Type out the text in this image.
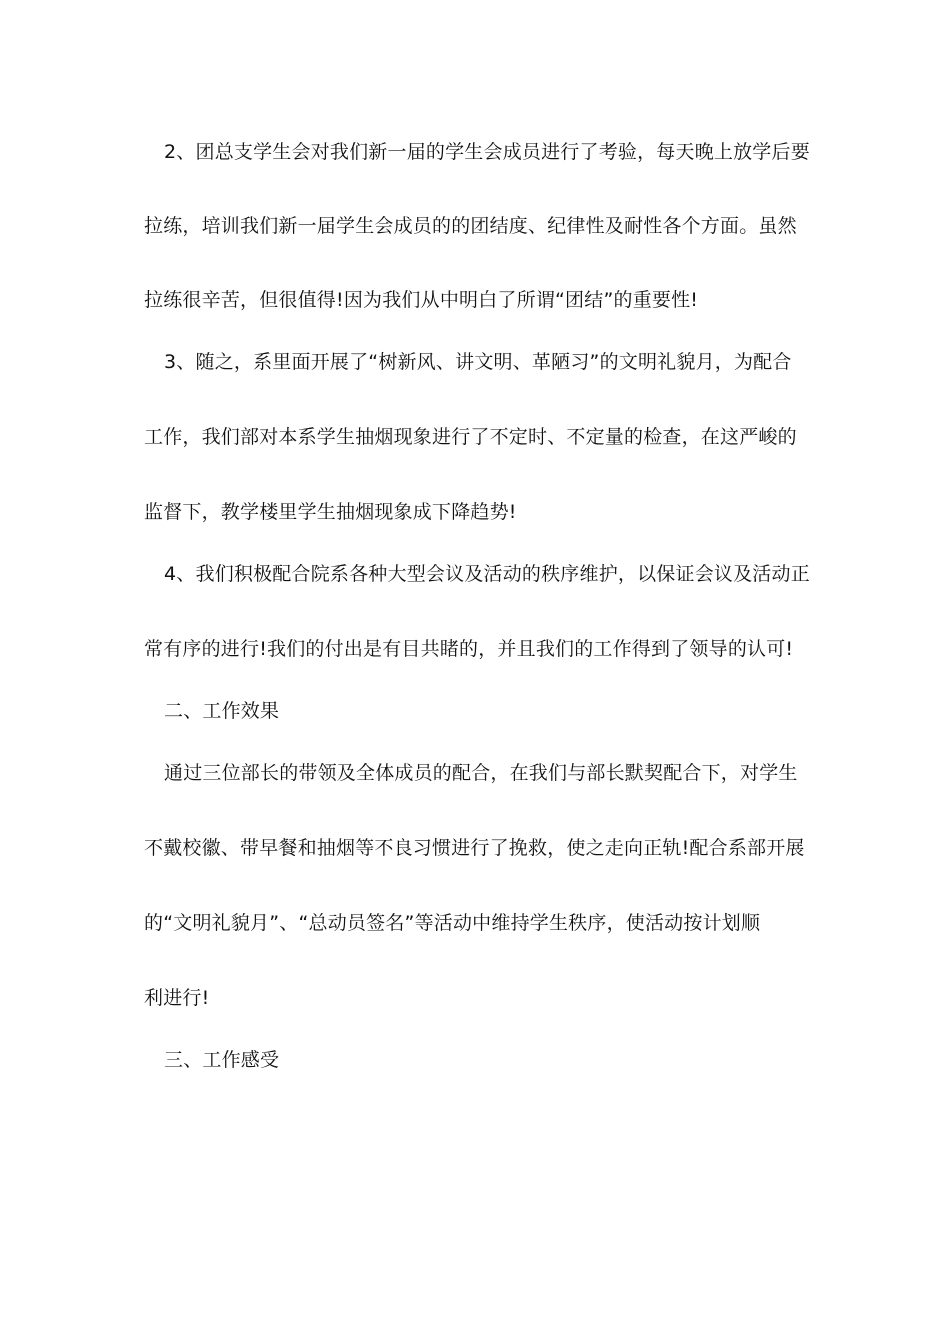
2、团总支学生会对我们新一届的学生会成员进行了考验，每天晚上放学后要
拉练，培训我们新一届学生会成员的的团结度、纪律性及耐性各个方面。虽然
拉练很辛苦，但很值得!因为我们从中明白了所谓“团结”的重要性!
3、随之，系里面开展了“树新风、讲文明、革陋习”的文明礼貌月，为配合
工作，我们部对本系学生抽烟现象进行了不定时、不定量的检查，在这严峻的
监督下，教学楼里学生抽烟现象成下降趋势!
4、我们积极配合院系各种大型会议及活动的秩序维护，以保证会议及活动正
常有序的进行!我们的付出是有目共睹的，并且我们的工作得到了领导的认可!
二、工作效果
通过三位部长的带领及全体成员的配合，在我们与部长默契配合下，对学生
不戴校徽、带早餐和抽烟等不良习惯进行了挽救，使之走向正轨!配合系部开展
的“文明礼貌月”、“总动员签名”等活动中维持学生秩序，使活动按计划顺
利进行!
三、工作感受
